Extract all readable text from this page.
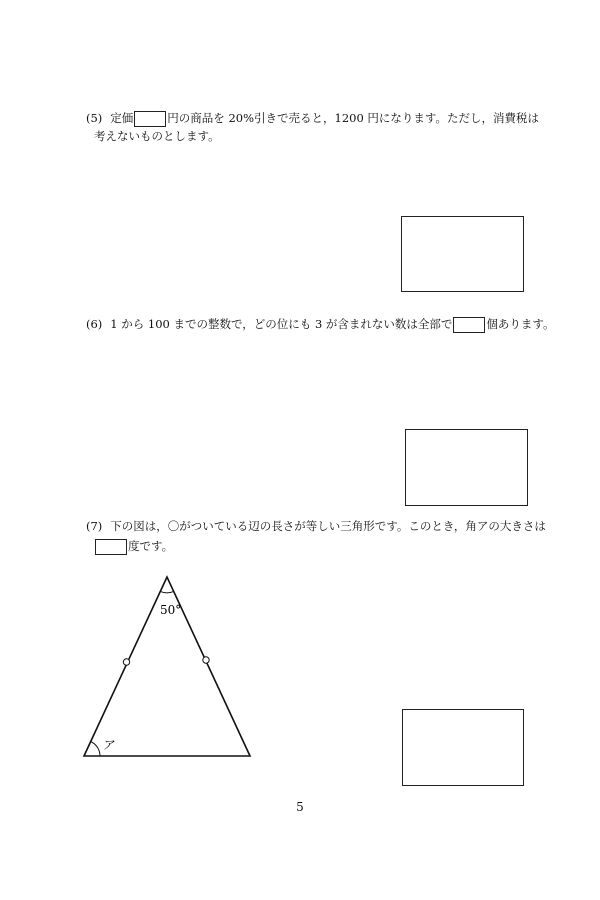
(5) 定価	円の商品を 20%引きで売ると，1200 円になります。ただし，消費税は
考えないものとします。
(6) 1 から 100 までの整数で，どの位にも 3 が含まれない数は全部で	個あります。
(7) 下の図は，〇がついている辺の長さが等しい三角形です。このとき，角アの大きさは
度です。
50°
ア
5
